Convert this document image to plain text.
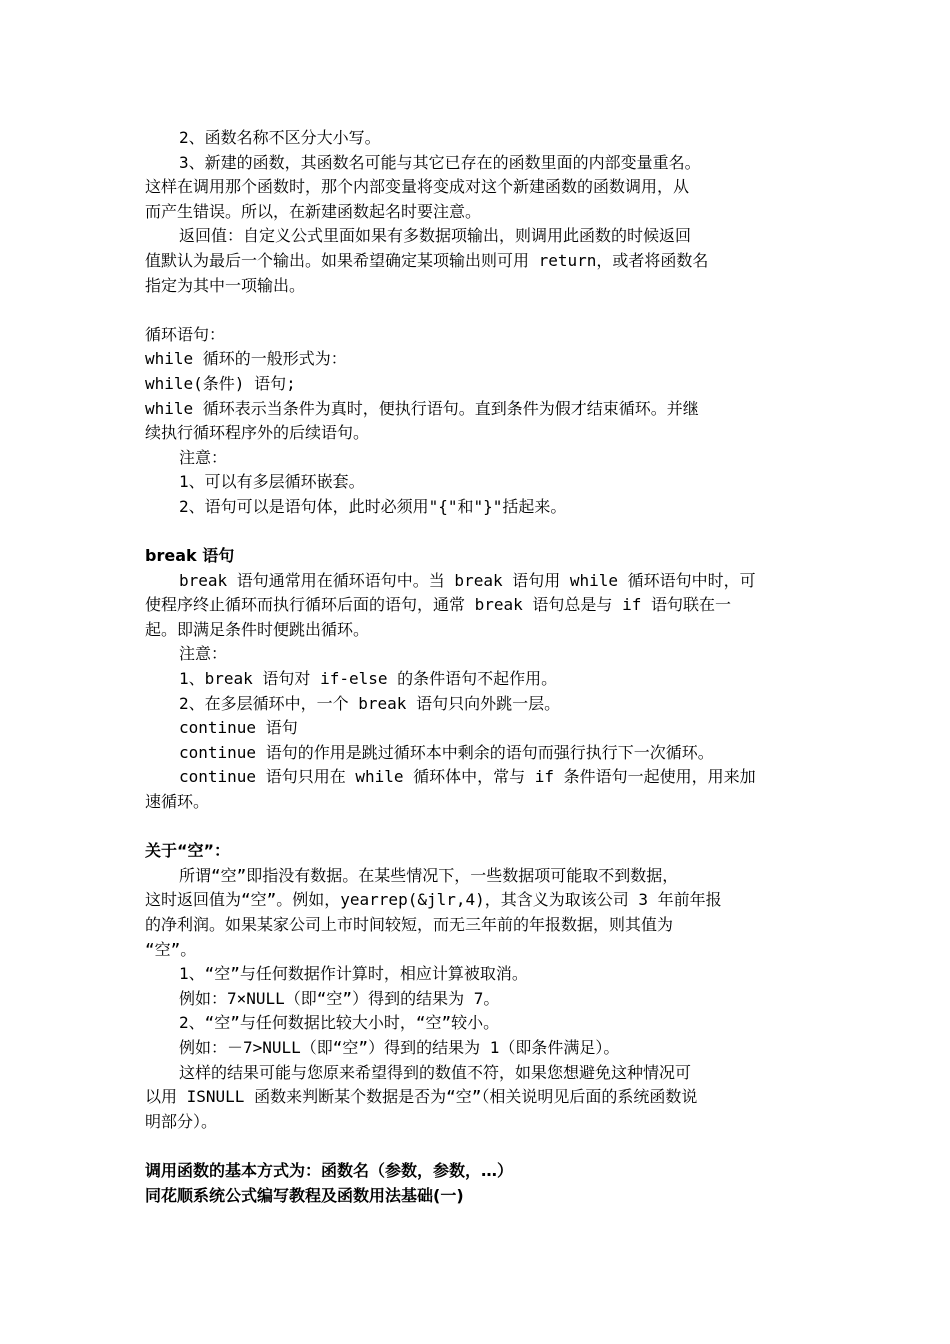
2、函数名称不区分大小写。
3、新建的函数，其函数名可能与其它已存在的函数里面的内部变量重名。
这样在调用那个函数时，那个内部变量将变成对这个新建函数的函数调用，从
而产生错误。所以，在新建函数起名时要注意。
返回值：自定义公式里面如果有多数据项输出，则调用此函数的时候返回
值默认为最后一个输出。如果希望确定某项输出则可用 return，或者将函数名
指定为其中一项输出。
循环语句：
while 循环的一般形式为：
while(条件) 语句;
while 循环表示当条件为真时，便执行语句。直到条件为假才结束循环。并继
续执行循环程序外的后续语句。
注意：
1、可以有多层循环嵌套。
2、语句可以是语句体，此时必须用"{"和"}"括起来。
break 语句
break 语句通常用在循环语句中。当 break 语句用 while 循环语句中时，可
使程序终止循环而执行循环后面的语句，通常 break 语句总是与 if 语句联在一
起。即满足条件时便跳出循环。
注意：
1、break 语句对 if-else 的条件语句不起作用。
2、在多层循环中，一个 break 语句只向外跳一层。
continue 语句
continue 语句的作用是跳过循环本中剩余的语句而强行执行下一次循环。
continue 语句只用在 while 循环体中，常与 if 条件语句一起使用，用来加
速循环。
关于“空”：
所谓“空”即指没有数据。在某些情况下，一些数据项可能取不到数据，
这时返回值为“空”。例如，yearrep(&jlr,4)，其含义为取该公司 3 年前年报
的净利润。如果某家公司上市时间较短，而无三年前的年报数据，则其值为
“空”。
1、“空”与任何数据作计算时，相应计算被取消。
例如：7×NULL（即“空”）得到的结果为 7。
2、“空”与任何数据比较大小时，“空”较小。
例如：－7>NULL（即“空”）得到的结果为 1（即条件满足）。
这样的结果可能与您原来希望得到的数值不符，如果您想避免这种情况可
以用 ISNULL 函数来判断某个数据是否为“空”（相关说明见后面的系统函数说
明部分）。
调用函数的基本方式为：函数名（参数，参数，…）
同花顺系统公式编写教程及函数用法基础(一)
